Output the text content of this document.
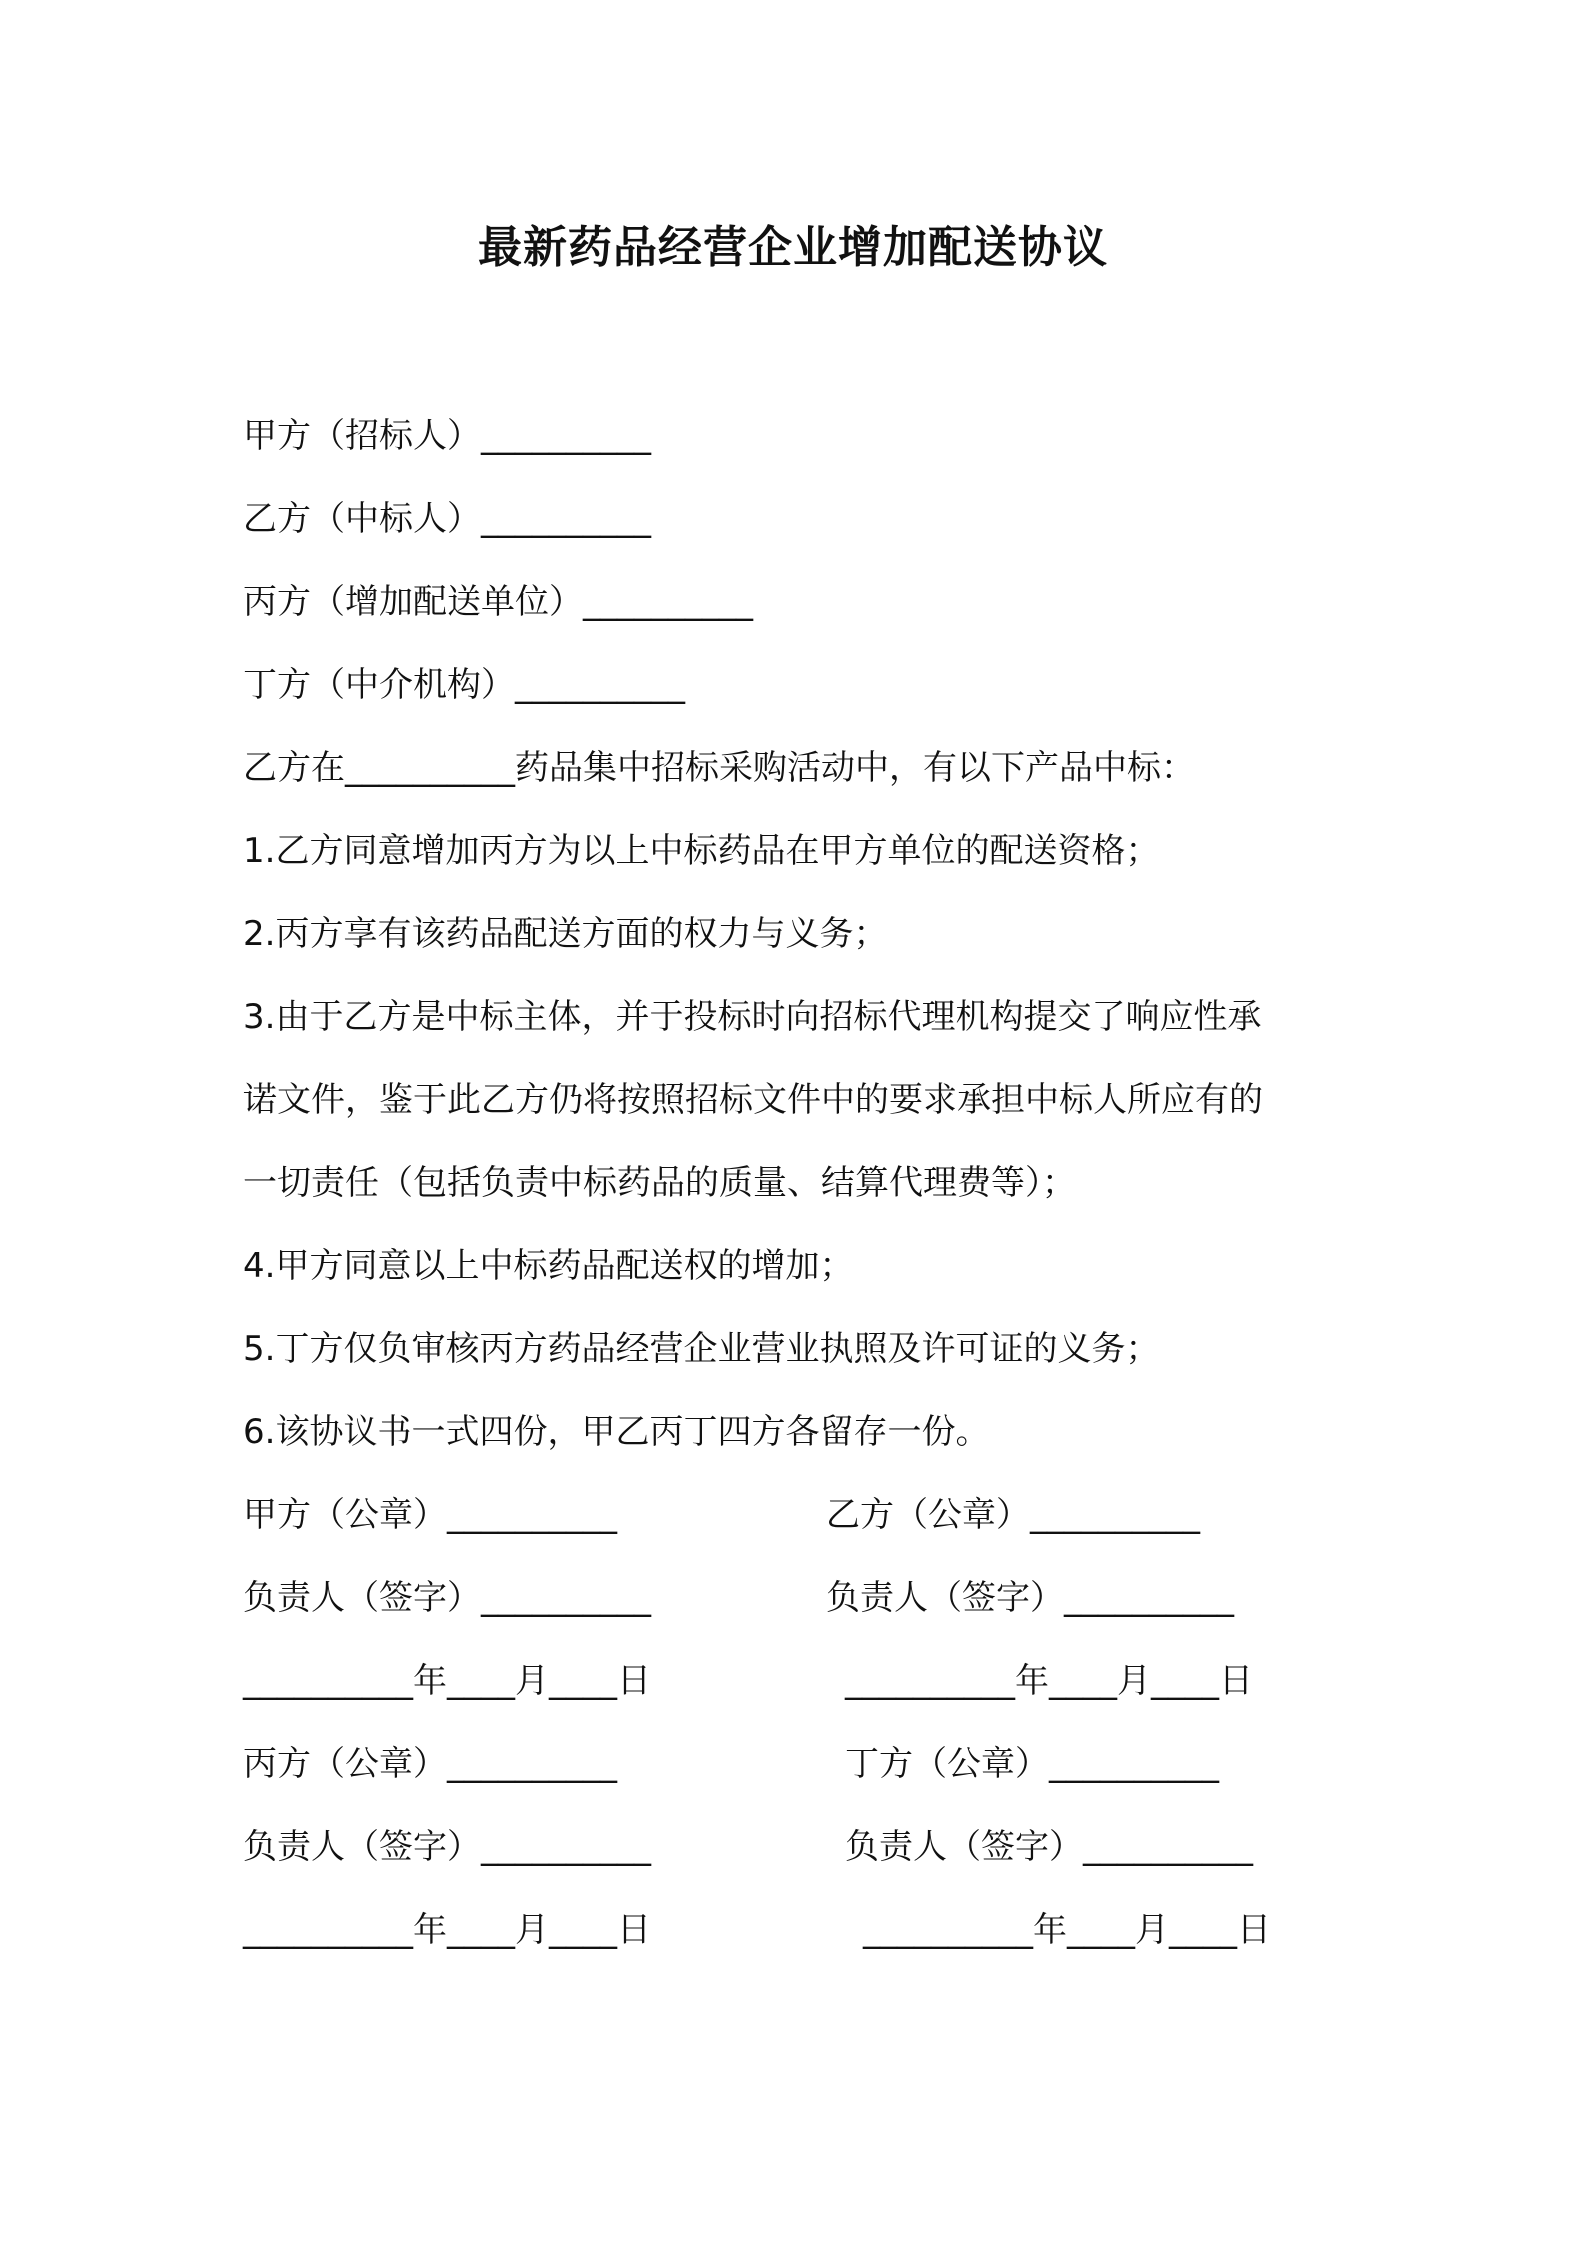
最新药品经营企业增加配送协议
甲方（招标人）__________
乙方（中标人）__________
丙方（增加配送单位）__________
丁方（中介机构）__________
乙方在__________药品集中招标采购活动中，有以下产品中标：
1.乙方同意增加丙方为以上中标药品在甲方单位的配送资格；
2.丙方享有该药品配送方面的权力与义务；
3.由于乙方是中标主体，并于投标时向招标代理机构提交了响应性承
诺文件，鉴于此乙方仍将按照招标文件中的要求承担中标人所应有的
一切责任（包括负责中标药品的质量、结算代理费等）；
4.甲方同意以上中标药品配送权的增加；
5.丁方仅负审核丙方药品经营企业营业执照及许可证的义务；
6.该协议书一式四份，甲乙丙丁四方各留存一份。
甲方（公章）__________	乙方（公章）__________
负责人（签字）__________	负责人（签字）__________
__________年____月____日	__________年____月____日
丙方（公章）__________	丁方（公章）__________
负责人（签字）__________	负责人（签字）__________
__________年____月____日	__________年____月____日
